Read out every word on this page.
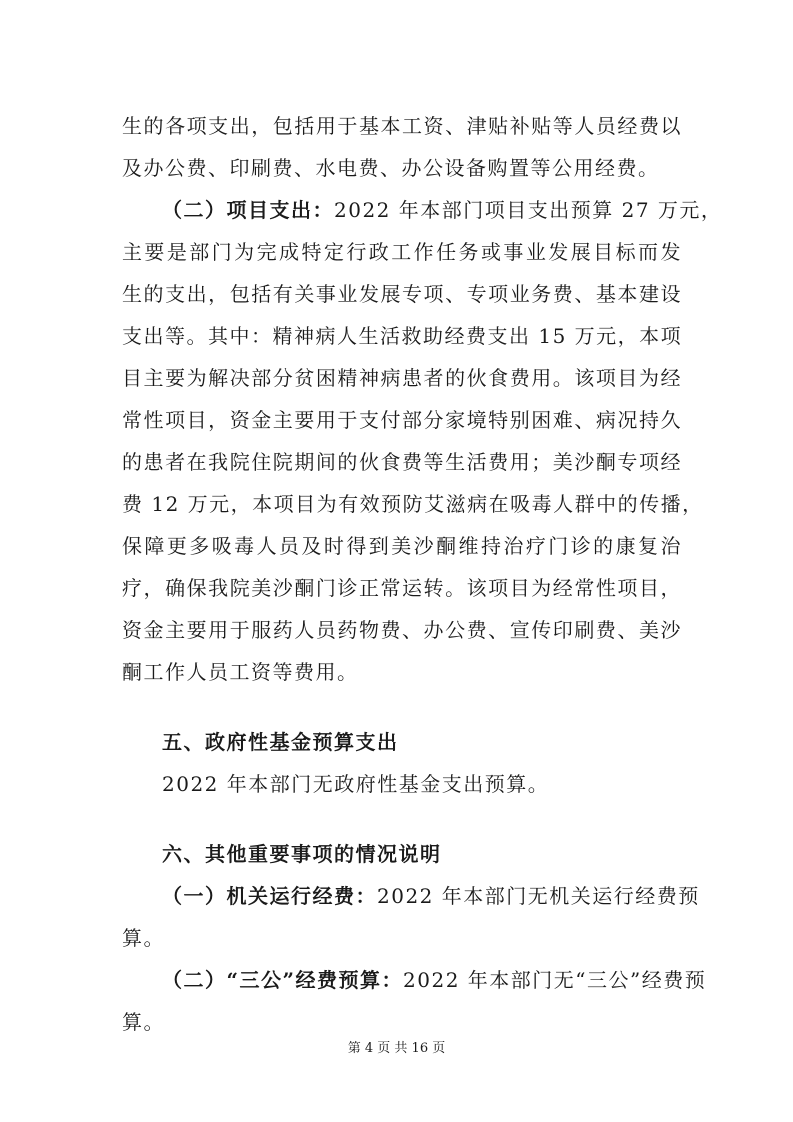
生的各项支出，包括用于基本工资、津贴补贴等人员经费以
及办公费、印刷费、水电费、办公设备购置等公用经费。
（二）项目支出：2022 年本部门项目支出预算 27 万元，
主要是部门为完成特定行政工作任务或事业发展目标而发
生的支出，包括有关事业发展专项、专项业务费、基本建设
支出等。其中：精神病人生活救助经费支出 15 万元，本项
目主要为解决部分贫困精神病患者的伙食费用。该项目为经
常性项目，资金主要用于支付部分家境特别困难、病况持久
的患者在我院住院期间的伙食费等生活费用；美沙酮专项经
费 12 万元，本项目为有效预防艾滋病在吸毒人群中的传播，
保障更多吸毒人员及时得到美沙酮维持治疗门诊的康复治
疗，确保我院美沙酮门诊正常运转。该项目为经常性项目，
资金主要用于服药人员药物费、办公费、宣传印刷费、美沙
酮工作人员工资等费用。
五、政府性基金预算支出
2022 年本部门无政府性基金支出预算。
六、其他重要事项的情况说明
（一）机关运行经费：2022 年本部门无机关运行经费预
算。
（二）“三公”经费预算：2022 年本部门无“三公”经费预
算。
第 4 页 共 16 页
